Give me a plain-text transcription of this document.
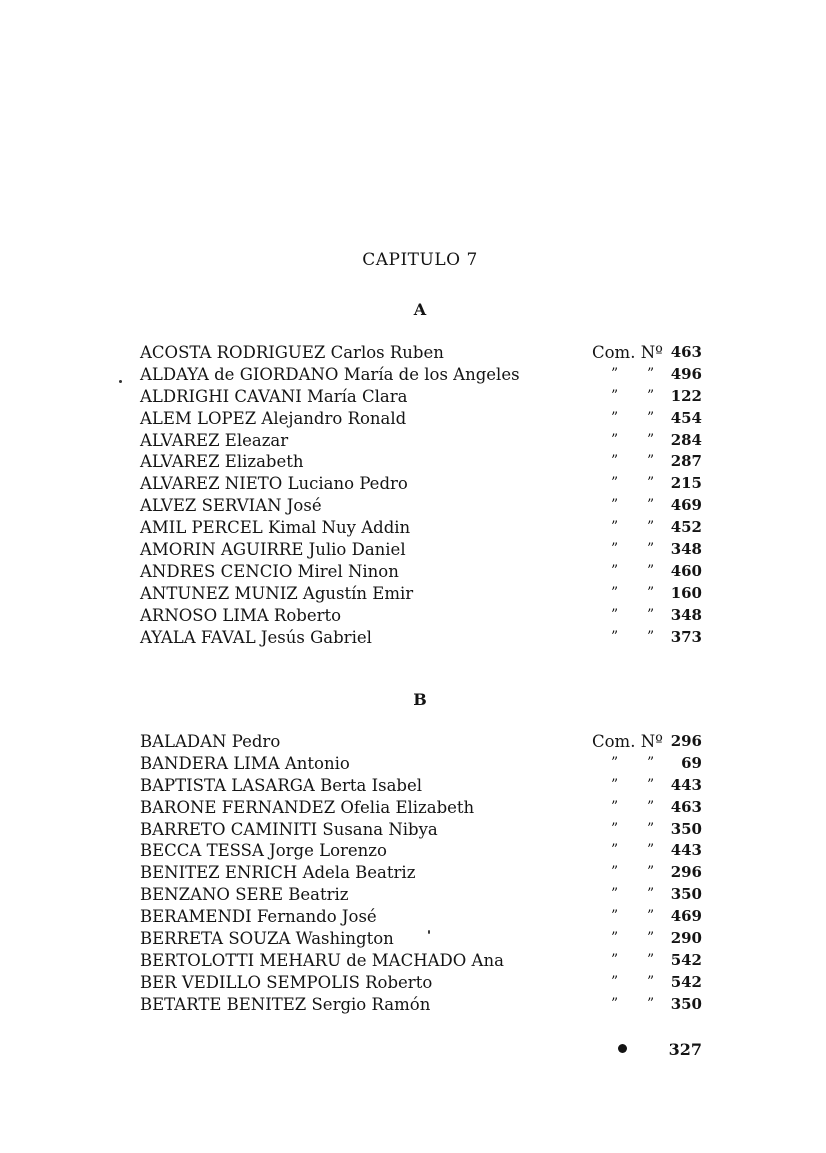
CAPITULO 7
A
ACOSTA RODRIGUEZ Carlos Ruben	Com. Nº 463
ALDAYA de GIORDANO María de los Angeles	” ” 496
ALDRIGHI CAVANI María Clara	” ” 122
ALEM LOPEZ Alejandro Ronald	” ” 454
ALVAREZ Eleazar	” ” 284
ALVAREZ Elizabeth	” ” 287
ALVAREZ NIETO Luciano Pedro	” ” 215
ALVEZ SERVIAN José	” ” 469
AMIL PERCEL Kimal Nuy Addin	” ” 452
AMORIN AGUIRRE Julio Daniel	” ” 348
ANDRES CENCIO Mirel Ninon	” ” 460
ANTUNEZ MUNIZ Agustín Emir	” ” 160
ARNOSO LIMA Roberto	” ” 348
AYALA FAVAL Jesús Gabriel	” ” 373
B
BALADAN Pedro	Com. Nº 296
BANDERA LIMA Antonio	” ” 69
BAPTISTA LASARGA Berta Isabel	” ” 443
BARONE FERNANDEZ Ofelia Elizabeth	” ” 463
BARRETO CAMINITI Susana Nibya	” ” 350
BECCA TESSA Jorge Lorenzo	” ” 443
BENITEZ ENRICH Adela Beatriz	” ” 296
BENZANO SERE Beatriz	” ” 350
BERAMENDI Fernando José	” ” 469
BERRETA SOUZA Washington	” ” 290
BERTOLOTTI MEHARU de MACHADO Ana	” ” 542
BER VEDILLO SEMPOLIS Roberto	” ” 542
BETARTE BENITEZ Sergio Ramón	” ” 350
327
